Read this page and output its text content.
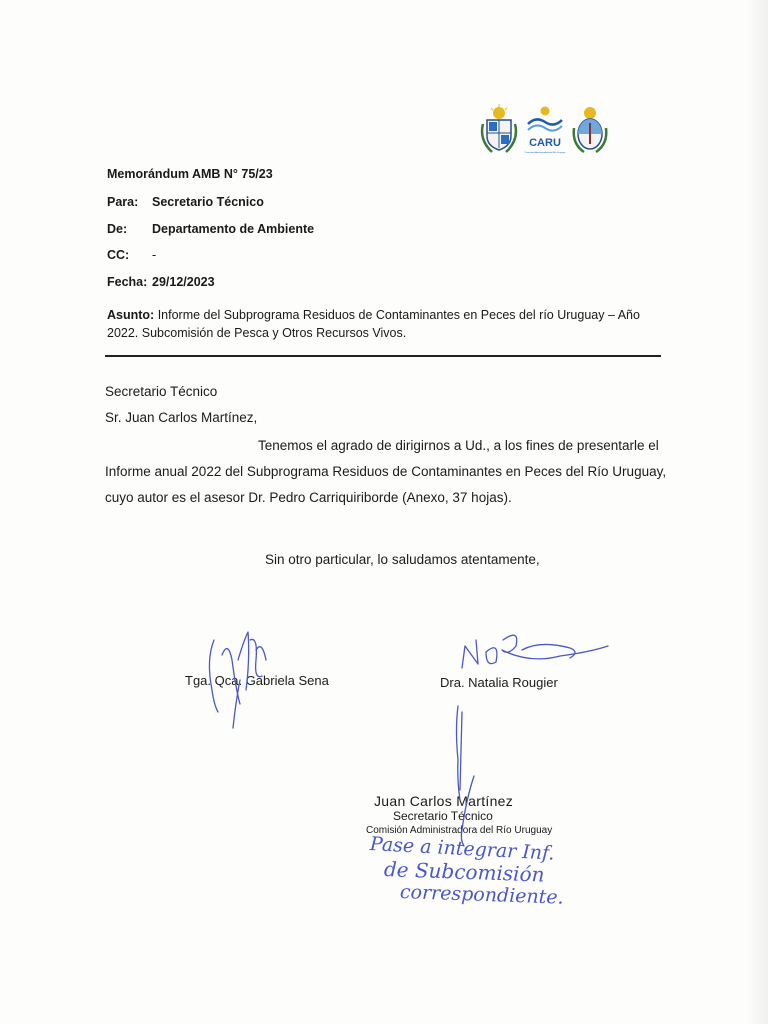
CARU
Comisión Administradora del Río Uruguay
Memorándum AMB N° 75/23
Para: Secretario Técnico
De: Departamento de Ambiente
CC: -
Fecha: 29/12/2023
Asunto: Informe del Subprograma Residuos de Contaminantes en Peces del río Uruguay – Año 2022. Subcomisión de Pesca y Otros Recursos Vivos.
Secretario Técnico
Sr. Juan Carlos Martínez,
Tenemos el agrado de dirigirnos a Ud., a los fines de presentarle el
Informe anual 2022 del Subprograma Residuos de Contaminantes en Peces del Río Uruguay,
cuyo autor es el asesor Dr. Pedro Carriquiriborde (Anexo, 37 hojas).
Sin otro particular, lo saludamos atentamente,
Tga. Qca. Gabriela Sena	Dra. Natalia Rougier
Juan Carlos Martínez
Secretario Técnico
Comisión Administradora del Río Uruguay
Pase a integrar Inf.
de Subcomisión
correspondiente.
